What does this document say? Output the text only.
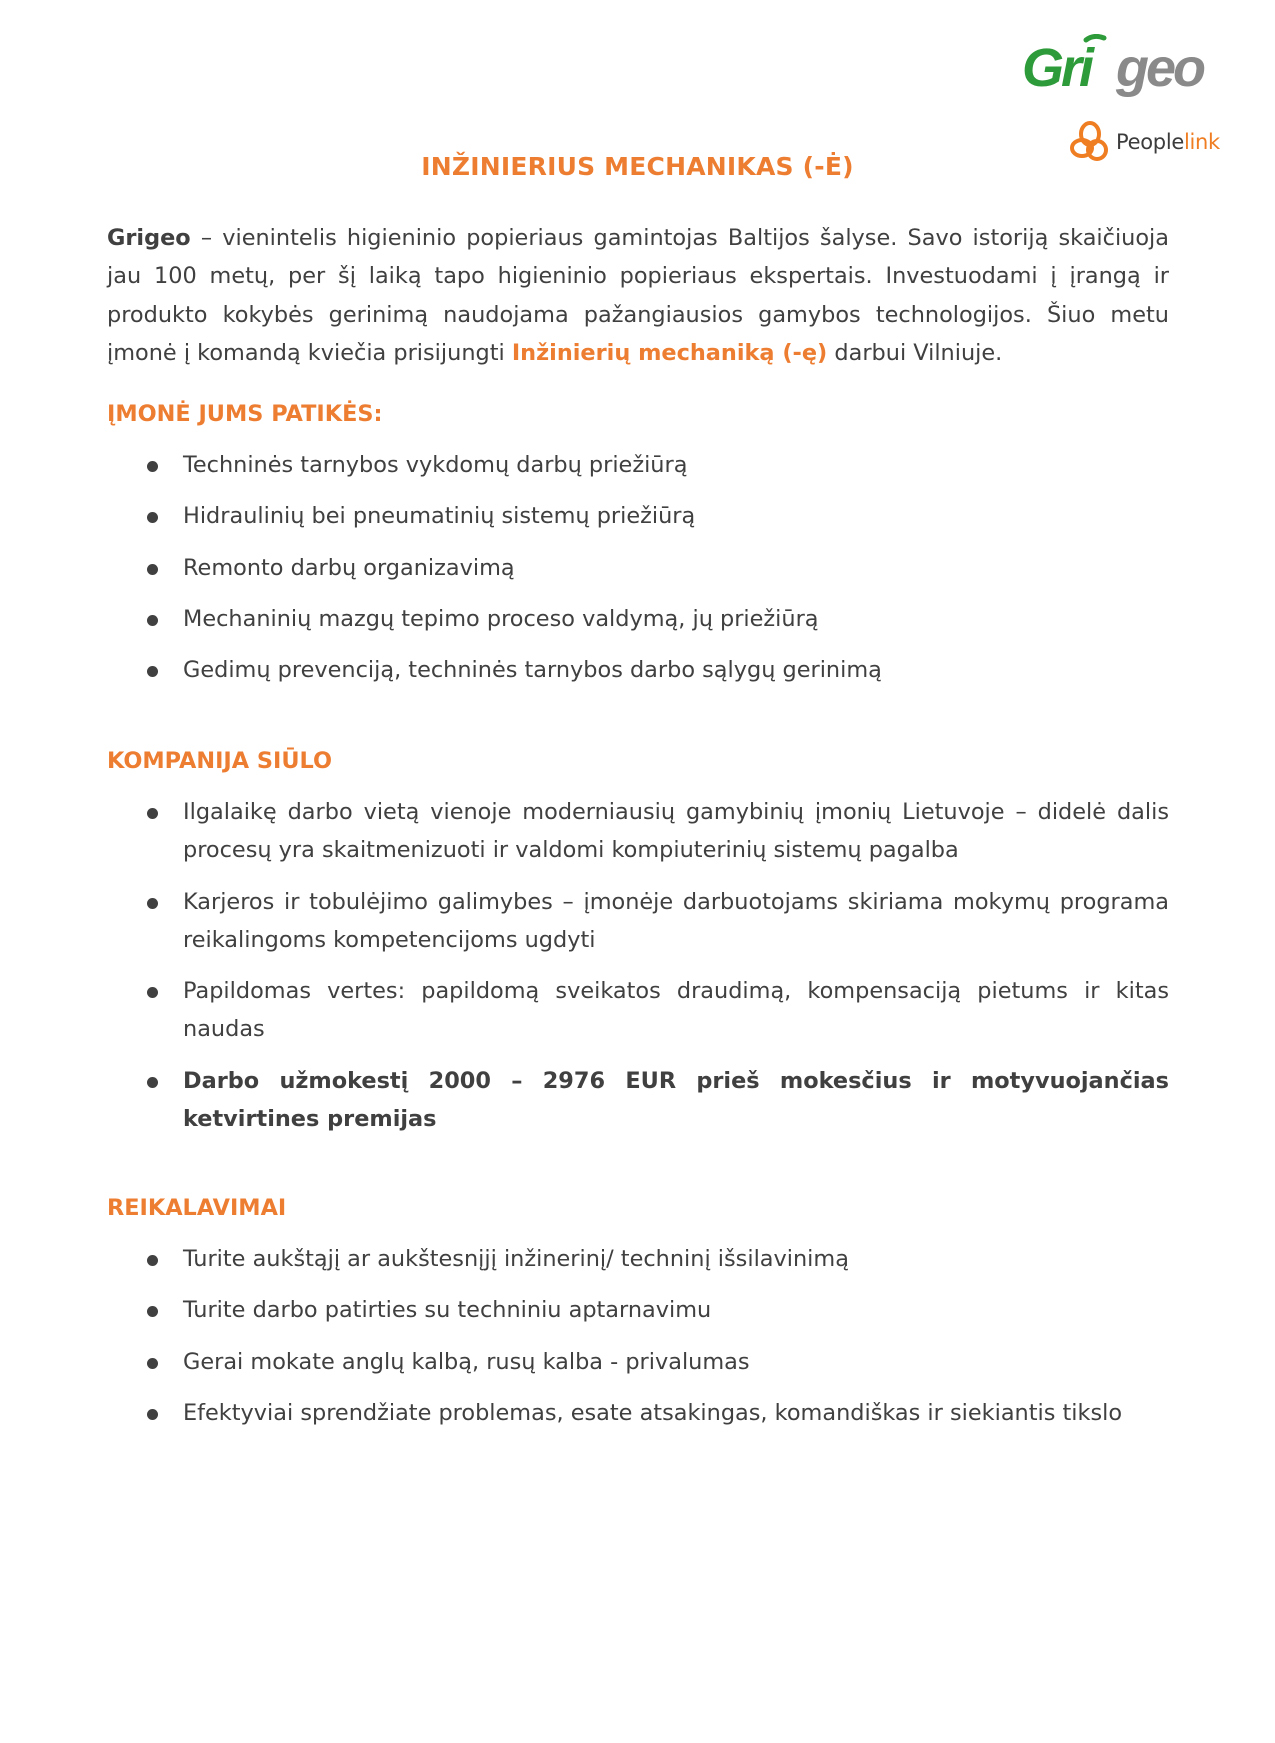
Gri geo
Peoplelink
INŽINIERIUS MECHANIKAS (-Ė)

Grigeo – vienintelis higieninio popieriaus gamintojas Baltijos šalyse. Savo istoriją skaičiuoja jau 100 metų, per šį laiką tapo higieninio popieriaus ekspertais. Investuodami į įrangą ir produkto kokybės gerinimą naudojama pažangiausios gamybos technologijos. Šiuo metu įmonė į komandą kviečia prisijungti Inžinierių mechaniką (-ę) darbui Vilniuje.

ĮMONĖ JUMS PATIKĖS:
Techninės tarnybos vykdomų darbų priežiūrą
Hidraulinių bei pneumatinių sistemų priežiūrą
Remonto darbų organizavimą
Mechaninių mazgų tepimo proceso valdymą, jų priežiūrą
Gedimų prevenciją, techninės tarnybos darbo sąlygų gerinimą
KOMPANIJA SIŪLO
Ilgalaikę darbo vietą vienoje moderniausių gamybinių įmonių Lietuvoje – didelė dalis procesų yra skaitmenizuoti ir valdomi kompiuterinių sistemų pagalba
Karjeros ir tobulėjimo galimybes – įmonėje darbuotojams skiriama mokymų programa reikalingoms kompetencijoms ugdyti
Papildomas vertes: papildomą sveikatos draudimą, kompensaciją pietums ir kitas naudas
Darbo užmokestį 2000 – 2976 EUR prieš mokesčius ir motyvuojančias ketvirtines premijas
REIKALAVIMAI
Turite aukštąjį ar aukštesnįjį inžinerinį/ techninį išsilavinimą
Turite darbo patirties su techniniu aptarnavimu
Gerai mokate anglų kalbą, rusų kalba - privalumas
Efektyviai sprendžiate problemas, esate atsakingas, komandiškas ir siekiantis tikslo
